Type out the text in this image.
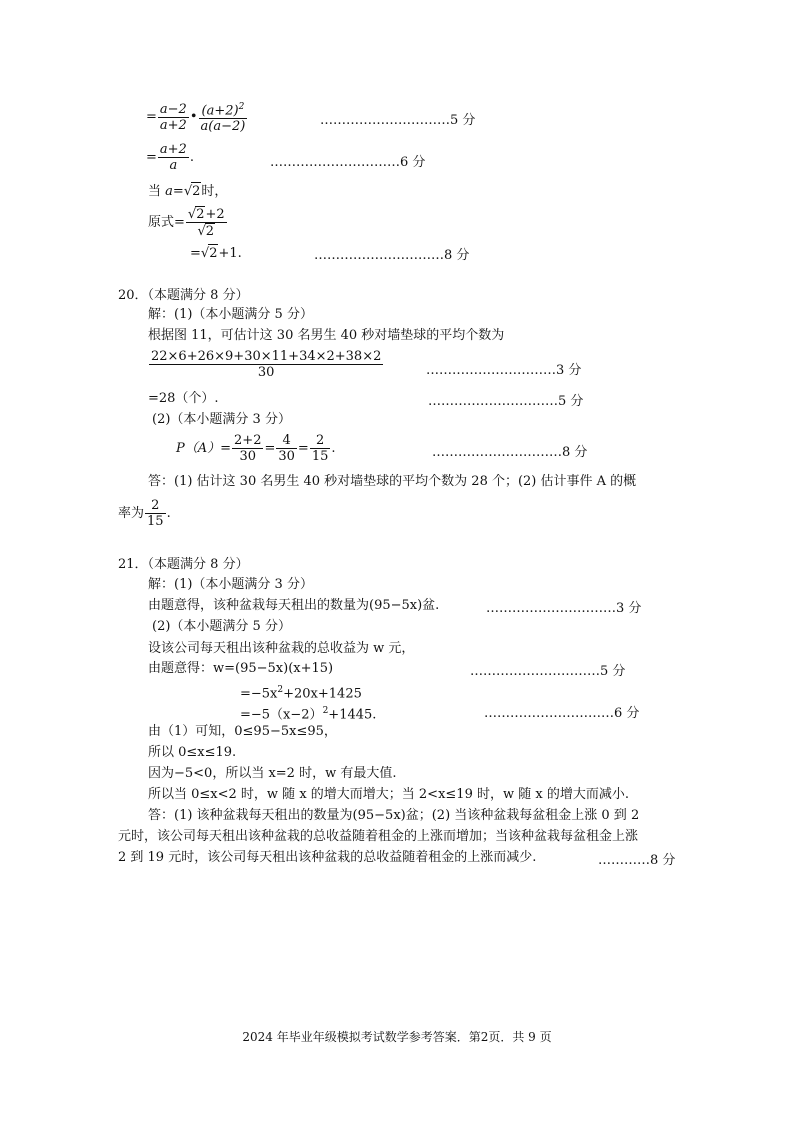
= $\frac{a-2}{a+2}$ • $\frac{(a+2)^2}{a(a-2)}$	…………………………5 分
= $\frac{a+2}{a}$ .	…………………………6 分
当 a=√2时，
原式= $\frac{√2+2}{√2}$
=√2+1.	…………………………8 分
20．（本题满分 8 分）
解：(1)（本小题满分 5 分）
根据图 11，可估计这 30 名男生 40 秒对墙垫球的平均个数为
$\frac{22\times 6+26\times 9+30\times 11+34\times 2+38\times 2}{30}$	…………………………3 分
=28（个）.	…………………………5 分
(2)（本小题满分 3 分）
$P(A)= \frac{2+2}{30} = \frac{4}{30} = \frac{2}{15}$ .	…………………………8 分
答：(1) 估计这 30 名男生 40 秒对墙垫球的平均个数为 28 个；(2) 估计事件 A 的概
率为 $\frac{2}{15}$ .
21．（本题满分 8 分）
解：(1)（本小题满分 3 分）
由题意得，该种盆栽每天租出的数量为(95−5x)盆.	…………………………3 分
(2)（本小题满分 5 分）
设该公司每天租出该种盆栽的总收益为 w 元，
由题意得：w=(95−5x)(x+15)	…………………………5 分
$=-5x^2+20x+1425$
$=-5(x-2)^2+1445$.	…………………………6 分
由（1）可知，0≤95−5x≤95，
所以 0≤x≤19.
因为−5<0，所以当 x=2 时，w 有最大值.
所以当 0≤x<2 时，w 随 x 的增大而增大；当 2<x≤19 时，w 随 x 的增大而减小.
答：(1) 该种盆栽每天租出的数量为(95−5x)盆；(2) 当该种盆栽每盆租金上涨 0 到 2
元时，该公司每天租出该种盆栽的总收益随着租金的上涨而增加；当该种盆栽每盆租金上涨
2 到 19 元时，该公司每天租出该种盆栽的总收益随着租金的上涨而减少.	…………8 分
2024 年毕业年级模拟考试数学参考答案．第2页．共 9 页
